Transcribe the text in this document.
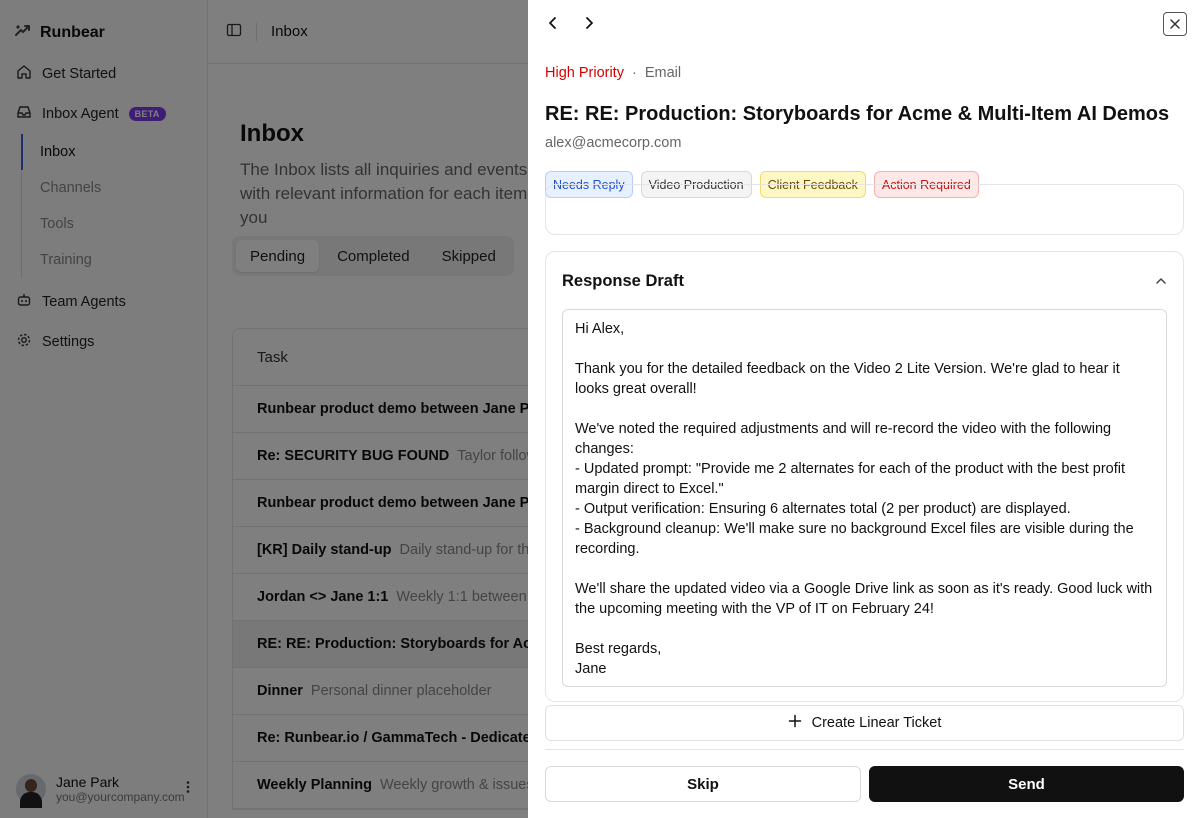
High Priority · Email
RE: RE: Production: Storyboards for Acme & Multi-Item AI Demos
alex@acmecorp.com
Needs Reply	Video Production	Client Feedback	Action Required
Response Draft
Hi Alex,

Thank you for the detailed feedback on the Video 2 Lite Version. We're glad to hear it looks great overall!

We've noted the required adjustments and will re-record the video with the following changes:
- Updated prompt: "Provide me 2 alternates for each of the product with the best profit margin direct to Excel."
- Output verification: Ensuring 6 alternates total (2 per product) are displayed.
- Background cleanup: We'll make sure no background Excel files are visible during the recording.

We'll share the updated video via a Google Drive link as soon as it's ready. Good luck with the upcoming meeting with the VP of IT on February 24!

Best regards,
Jane
Create Linear Ticket
Skip	Send
